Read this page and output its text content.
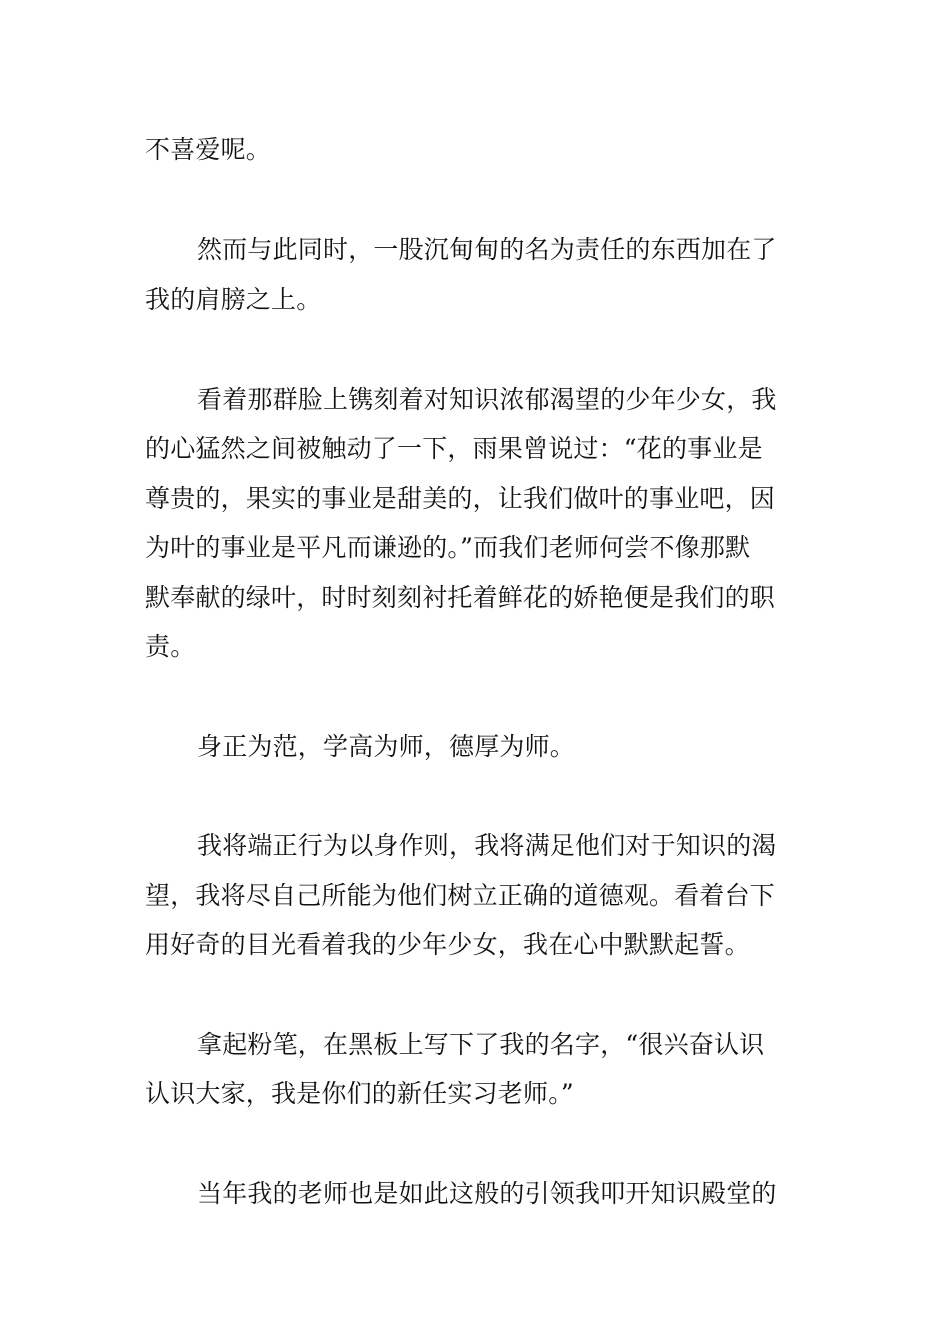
不喜爱呢。
然而与此同时，一股沉甸甸的名为责任的东西加在了
我的肩膀之上。
看着那群脸上镌刻着对知识浓郁渴望的少年少女，我
的心猛然之间被触动了一下，雨果曾说过：“花的事业是
尊贵的，果实的事业是甜美的，让我们做叶的事业吧，因
为叶的事业是平凡而谦逊的。”而我们老师何尝不像那默
默奉献的绿叶，时时刻刻衬托着鲜花的娇艳便是我们的职
责。
身正为范，学高为师，德厚为师。
我将端正行为以身作则，我将满足他们对于知识的渴
望，我将尽自己所能为他们树立正确的道德观。看着台下
用好奇的目光看着我的少年少女，我在心中默默起誓。
拿起粉笔，在黑板上写下了我的名字，“很兴奋认识
认识大家，我是你们的新任实习老师。”
当年我的老师也是如此这般的引领我叩开知识殿堂的
